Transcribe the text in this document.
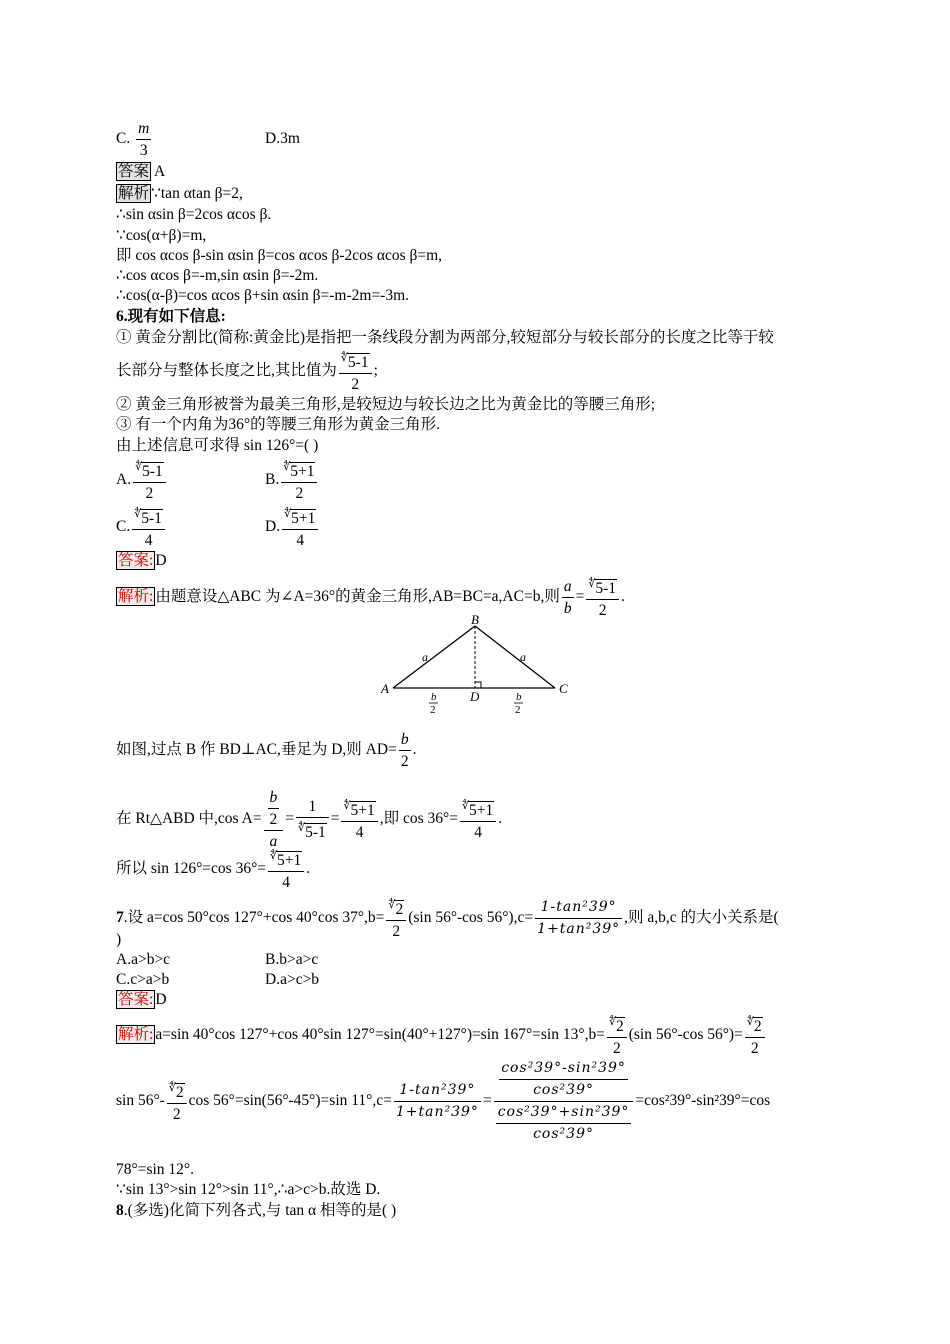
C. $\frac{m}{3}$	D.3m
答案 A
解析 ∵tan αtan β=2,
∴sin αsin β=2cos αcos β.
∵cos(α+β)=m,
即 cos αcos β-sin αsin β=cos αcos β-2cos αcos β=m,
∴cos αcos β=-m,sin αsin β=-2m.
∴cos(α-β)=cos αcos β+sin αsin β=-m-2m=-3m.
6.现有如下信息:
① 黄金分割比(简称:黄金比)是指把一条线段分割为两部分,较短部分与较长部分的长度之比等于较
长部分与整体长度之比,其比值为 $\frac{^∜5-1}{2}$ ;
② 黄金三角形被誉为最美三角形,是较短边与较长边之比为黄金比的等腰三角形;
③ 有一个内角为36°的等腰三角形为黄金三角形.
由上述信息可求得 sin 126°=( )
A. $\frac{^∜5-1}{2}$	B. $\frac{^∜5+1}{2}$
C. $\frac{^∜5-1}{4}$	D. $\frac{^∜5+1}{4}$
答案: D
解析: 由题意设△ABC 为∠A=36°的黄金三角形,AB=BC=a,AC=b,则 $\frac{a}{b} = \frac{^∜5-1}{2}$ .
B
A	C
D
a	a
b
2
b
2
如图,过点 B 作 BD⊥AC,垂足为 D,则 $AD= \frac{b}{2}$ .
在 Rt△ABD 中,cos $A= \frac{\frac{b}{2}}{a} = \frac{1}{^∜5-1} = \frac{^∜5+1}{4}$ ,即 $\cos 36^\circ= \frac{^∜5+1}{4}$ .
所以 sin 126°=cos $36^\circ= \frac{^∜5+1}{4}$ .
7.设 a=cos 50°cos 127°+cos 40°cos $37^\circ,b= \frac{^∜2}{2} (\sin$ 56°-cos $56^\circ),c= \frac{\text{1-tan²39°}}{\text{1+tan²39°}}$ ,则 a,b,c 的大小关系是(
)
A.a>b>c	B.b>a>c
C.c>a>b	D.a>c>b
答案: D
解析: a=sin 40°cos 127°+cos 40°sin 127°=sin(40°+127°)=sin 167°=sin $13^\circ,b= \frac{^∜2}{2} (\sin$ 56°-cos $56^\circ)= \frac{^∜2}{2}$
$\sin 56^\circ- \frac{^∜2}{2}$ cos 56°=sin(56°-45°)=sin $11^\circ,c= \frac{\text{1-tan²39°}}{\text{1+tan²39°}} = \frac{\frac{\text{cos²39°-sin²39°}}{\text{cos²39°}}}{\frac{\text{cos²39°+sin²39°}}{\text{cos²39°}}} =\cos^239^\circ-\sin^239^\circ=\cos$
78°=sin 12°.
∵sin 13°>sin 12°>sin 11°,∴a>c>b.故选 D.
8.(多选)化简下列各式,与 tan α 相等的是( )
